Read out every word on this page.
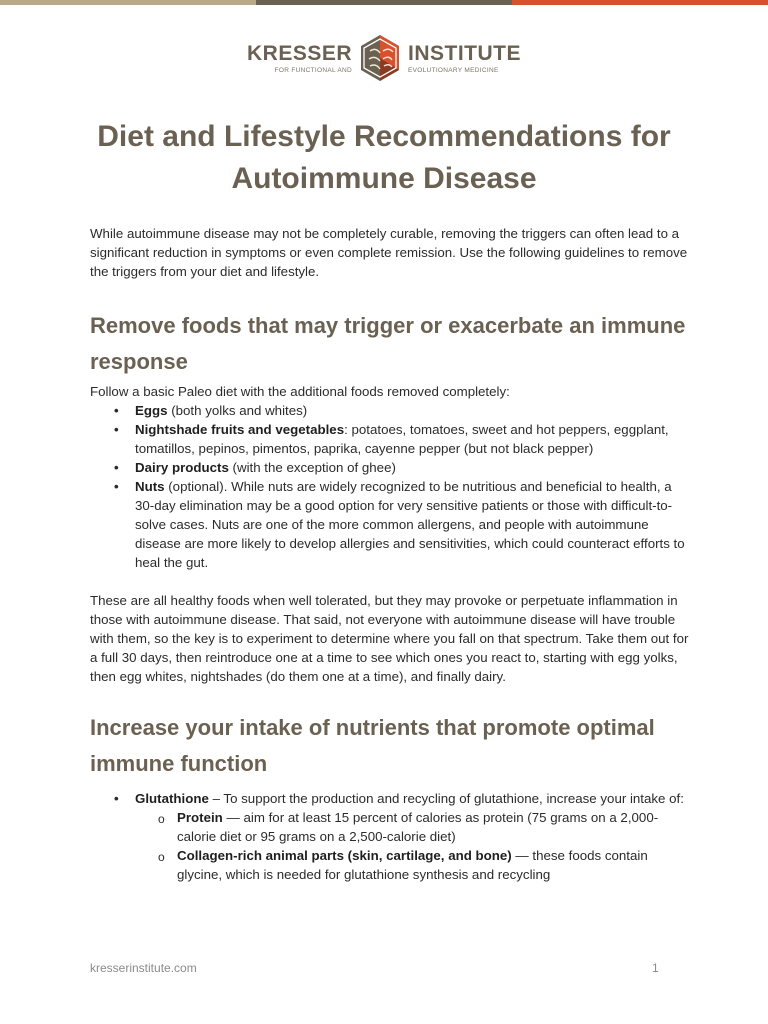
KRESSER
FOR FUNCTIONAL AND
INSTITUTE
EVOLUTIONARY MEDICINE
Diet and Lifestyle Recommendations for Autoimmune Disease

While autoimmune disease may not be completely curable, removing the triggers can often lead to a significant reduction in symptoms or even complete remission. Use the following guidelines to remove the triggers from your diet and lifestyle.

Remove foods that may trigger or exacerbate an immune response

Follow a basic Paleo diet with the additional foods removed completely:

• Eggs (both yolks and whites)
• Nightshade fruits and vegetables: potatoes, tomatoes, sweet and hot peppers, eggplant, tomatillos, pepinos, pimentos, paprika, cayenne pepper (but not black pepper)
• Dairy products (with the exception of ghee)
• Nuts (optional). While nuts are widely recognized to be nutritious and beneficial to health, a 30-day elimination may be a good option for very sensitive patients or those with difficult-to-solve cases. Nuts are one of the more common allergens, and people with autoimmune disease are more likely to develop allergies and sensitivities, which could counteract efforts to heal the gut.

These are all healthy foods when well tolerated, but they may provoke or perpetuate inflammation in those with autoimmune disease. That said, not everyone with autoimmune disease will have trouble with them, so the key is to experiment to determine where you fall on that spectrum. Take them out for a full 30 days, then reintroduce one at a time to see which ones you react to, starting with egg yolks, then egg whites, nightshades (do them one at a time), and finally dairy.

Increase your intake of nutrients that promote optimal immune function
• Glutathione – To support the production and recycling of glutathione, increase your intake of:
o Protein — aim for at least 15 percent of calories as protein (75 grams on a 2,000-calorie diet or 95 grams on a 2,500-calorie diet)
o Collagen-rich animal parts (skin, cartilage, and bone) — these foods contain glycine, which is needed for glutathione synthesis and recycling
kresserinstitute.com	1
